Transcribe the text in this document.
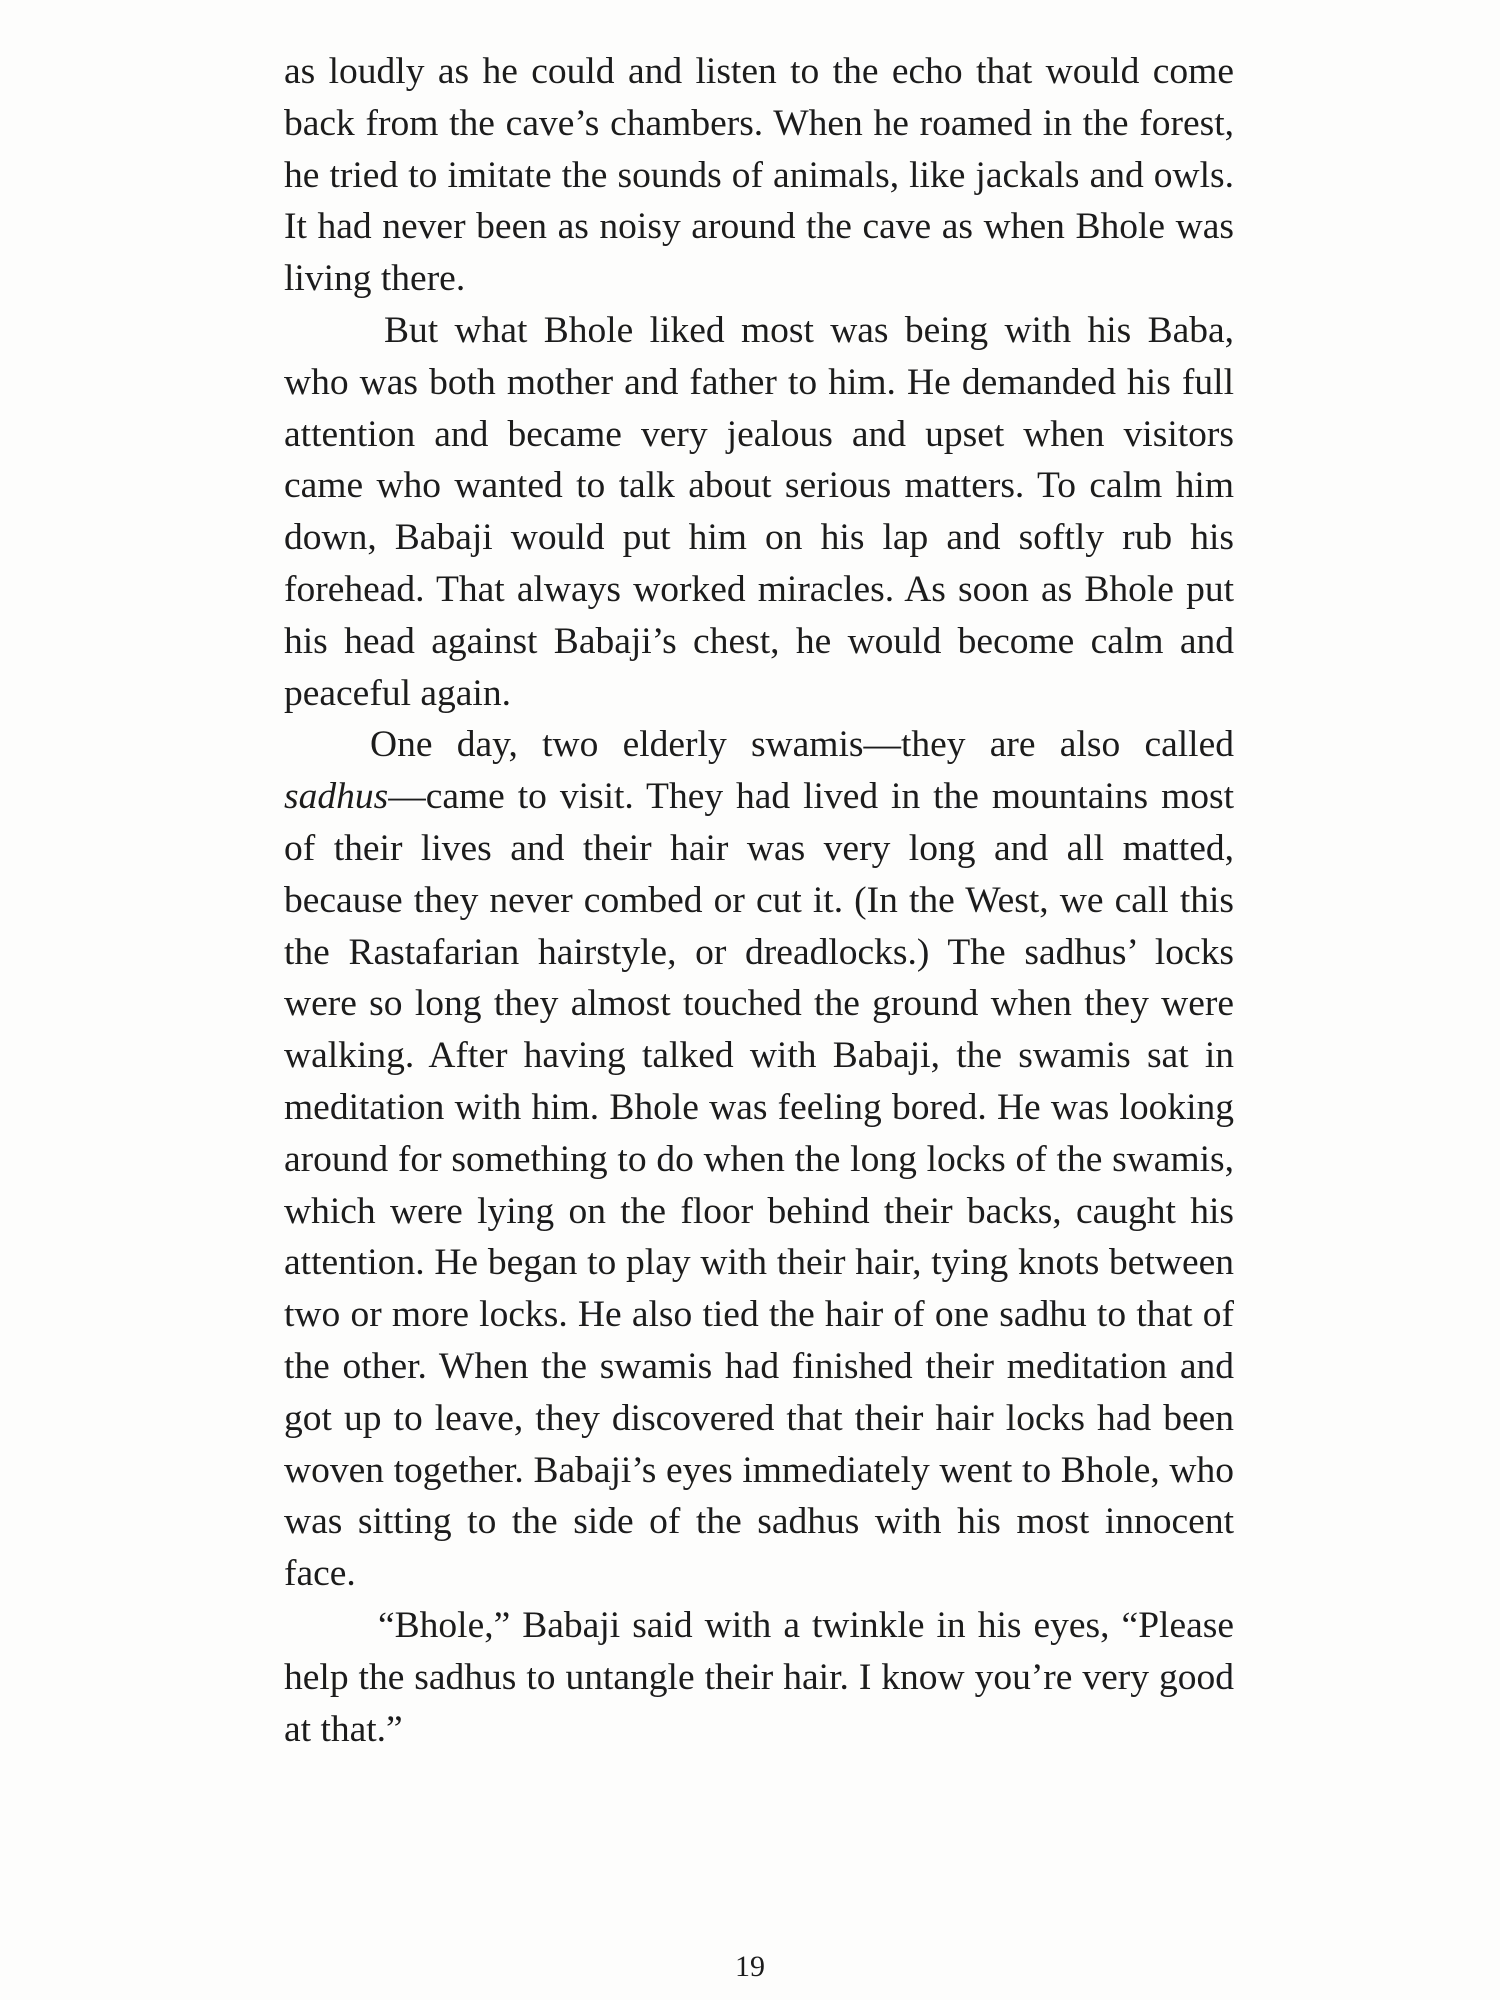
as loudly as he could and listen to the echo that would come back from the cave’s chambers. When he roamed in the forest, he tried to imitate the sounds of animals, like jackals and owls. It had never been as noisy around the cave as when Bhole was living there.

But what Bhole liked most was being with his Baba, who was both mother and father to him. He demanded his full attention and became very jealous and upset when visitors came who wanted to talk about serious matters. To calm him down, Babaji would put him on his lap and softly rub his forehead. That always worked miracles. As soon as Bhole put his head against Babaji’s chest, he would become calm and peaceful again.

One day, two elderly swamis—they are also called sadhus—came to visit. They had lived in the mountains most of their lives and their hair was very long and all matted, because they never combed or cut it. (In the West, we call this the Rastafarian hairstyle, or dreadlocks.) The sadhus’ locks were so long they almost touched the ground when they were walking. After having talked with Babaji, the swamis sat in meditation with him. Bhole was feeling bored. He was looking around for something to do when the long locks of the swamis, which were lying on the floor behind their backs, caught his attention. He began to play with their hair, tying knots between two or more locks. He also tied the hair of one sadhu to that of the other. When the swamis had finished their meditation and got up to leave, they discovered that their hair locks had been woven together. Babaji’s eyes immediately went to Bhole, who was sitting to the side of the sadhus with his most innocent face.

“Bhole,” Babaji said with a twinkle in his eyes, “Please help the sadhus to untangle their hair. I know you’re very good at that.”

19
